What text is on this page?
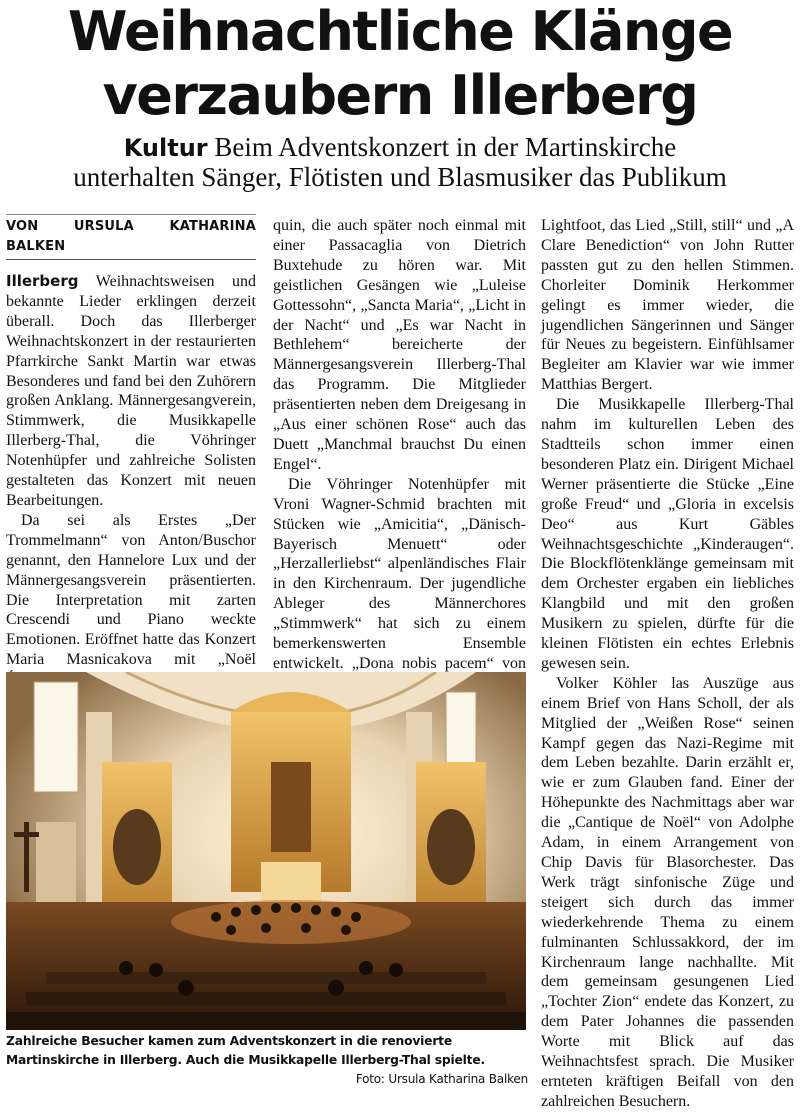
Weihnachtliche Klänge
verzaubern Illerberg
Kultur Beim Adventskonzert in der Martinskirche
unterhalten Sänger, Flötisten und Blasmusiker das Publikum
VON URSULA KATHARINA BALKEN

Illerberg Weihnachtsweisen und bekannte Lieder erklingen derzeit überall. Doch das Illerberger Weihnachtskonzert in der restaurierten Pfarrkirche Sankt Martin war etwas Besonderes und fand bei den Zuhörern großen Anklang. Männergesangverein, Stimmwerk, die Musikkapelle Illerberg-Thal, die Vöhringer Notenhüpfer und zahlreiche Solisten gestalteten das Konzert mit neuen Bearbeitungen.

Da sei als Erstes „Der Trommelmann“ von Anton/Buschor genannt, den Hannelore Lux und der Männergesangsverein präsentierten. Die Interpretation mit zarten Crescendi und Piano weckte Emotionen. Eröffnet hatte das Konzert Maria Masnicakova mit „Noël

quin, die auch später noch einmal mit einer Passacaglia von Dietrich Buxtehude zu hören war. Mit geistlichen Gesängen wie „Luleise Gottessohn“, „Sancta Maria“, „Licht in der Nacht“ und „Es war Nacht in Bethlehem“ bereicherte der Männergesangsverein Illerberg-Thal das Programm. Die Mitglieder präsentierten neben dem Dreigesang in „Aus einer schönen Rose“ auch das Duett „Manchmal brauchst Du einen Engel“.

Die Vöhringer Notenhüpfer mit Vroni Wagner-Schmid brachten mit Stücken wie „Amicitia“, „Dänisch-Bayerisch Menuett“ oder „Herzallerliebst“ alpenländisches Flair in den Kirchenraum. Der jugendliche Ableger des Männerchores „Stimmwerk“ hat sich zu einem bemerkenswerten Ensemble entwickelt. „Dona nobis pacem“ von

Lightfoot, das Lied „Still, still“ und „A Clare Benediction“ von John Rutter passten gut zu den hellen Stimmen. Chorleiter Dominik Herkommer gelingt es immer wieder, die jugendlichen Sängerinnen und Sänger für Neues zu begeistern. Einfühlsamer Begleiter am Klavier war wie immer Matthias Bergert.

Die Musikkapelle Illerberg-Thal nahm im kulturellen Leben des Stadtteils schon immer einen besonderen Platz ein. Dirigent Michael Werner präsentierte die Stücke „Eine große Freud“ und „Gloria in excelsis Deo“ aus Kurt Gäbles Weihnachtsgeschichte „Kinderaugen“. Die Blockflötenklänge gemeinsam mit dem Orchester ergaben ein liebliches Klangbild und mit den großen Musikern zu spielen, dürfte für die kleinen Flötisten ein echtes Erlebnis gewesen sein.

Volker Köhler las Auszüge aus einem Brief von Hans Scholl, der als Mitglied der „Weißen Rose“ seinen Kampf gegen das Nazi-Regime mit dem Leben bezahlte. Darin erzählt er, wie er zum Glauben fand. Einer der Höhepunkte des Nachmittags aber war die „Cantique de Noël“ von Adolphe Adam, in einem Arrangement von Chip Davis für Blasorchester. Das Werk trägt sinfonische Züge und steigert sich durch das immer wiederkehrende Thema zu einem fulminanten Schlussakkord, der im Kirchenraum lange nachhallte. Mit dem gemeinsam gesungenen Lied „Tochter Zion“ endete das Konzert, zu dem Pater Johannes die passenden Worte mit Blick auf das Weihnachtsfest sprach. Die Musiker ernteten kräftigen Beifall von den zahlreichen Besuchern.

Zahlreiche Besucher kamen zum Adventskonzert in die renovierte Martinskirche in Illerberg. Auch die Musikkapelle Illerberg-Thal spielte.
Foto: Ursula Katharina Balken
